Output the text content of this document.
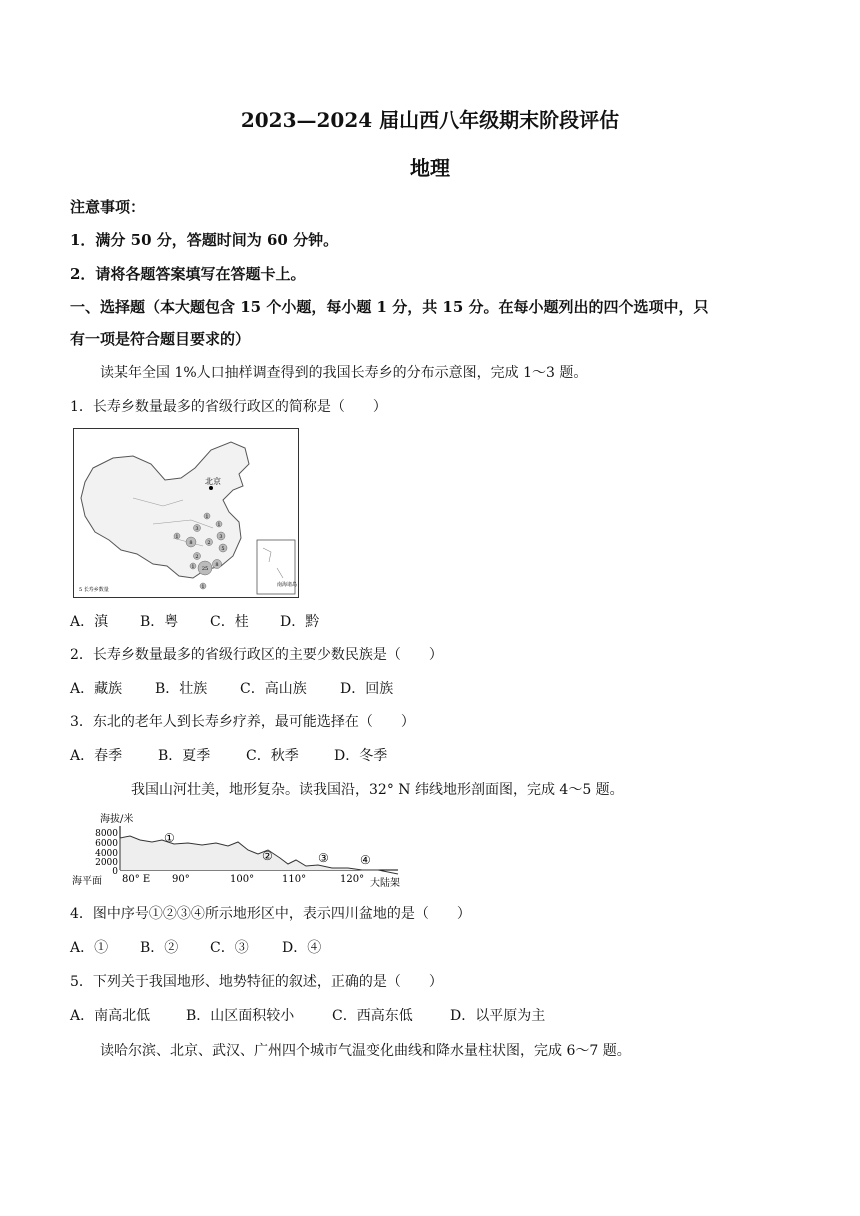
2023—2024 届山西八年级期末阶段评估
地理
注意事项：
1．满分 50 分，答题时间为 60 分钟。
2．请将各题答案填写在答题卡上。
一、选择题（本大题包含 15 个小题，每小题 1 分，共 15 分。在每小题列出的四个选项中，只
有一项是符合题目要求的）
读某年全国 1%人口抽样调查得到的我国长寿乡的分布示意图，完成 1～3 题。
1．长寿乡数量最多的省级行政区的简称是（　　）
北京
1
1
3
1	3
8	2
5
2
25
1	8
1	南海诸岛
5 长寿乡数量
A．滇 B．粤 C．桂 D．黔
2．长寿乡数量最多的省级行政区的主要少数民族是（　　）
A．藏族 B．壮族 C．高山族 D．回族
3．东北的老年人到长寿乡疗养，最可能选择在（　　）
A．春季	B．夏季	C．秋季	D．冬季
我国山河壮美，地形复杂。读我国沿，32° N 纬线地形剖面图，完成 4～5 题。
海拔/米
8000
6000
4000
2000
0
①
②	③	④
海平面 80° E 90°	100°	110°	120° 大陆架
4．图中序号①②③④所示地形区中，表示四川盆地的是（　　）
A．① B．② C．③ D．④
5．下列关于我国地形、地势特征的叙述，正确的是（　　）
A．南高北低	B．山区面积较小	C．西高东低	D．以平原为主
读哈尔滨、北京、武汉、广州四个城市气温变化曲线和降水量柱状图，完成 6～7 题。
